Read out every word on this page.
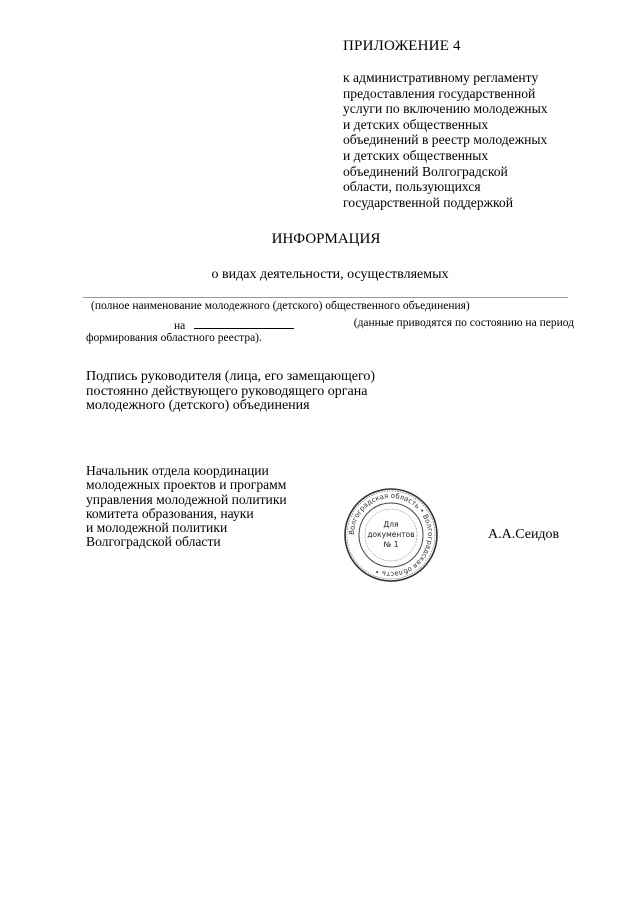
ПРИЛОЖЕНИЕ 4
к административному регламенту
предоставления государственной
услуги по включению молодежных
и детских общественных
объединений в реестр молодежных
и детских общественных
объединений Волгоградской
области, пользующихся
государственной поддержкой
ИНФОРМАЦИЯ
о видах деятельности, осуществляемых
(полное наименование молодежного (детского) общественного объединения)
на	(данные приводятся по состоянию на период
формирования областного реестра).
Подпись руководителя (лица, его замещающего)
постоянно действующего руководящего органа
молодежного (детского) объединения
Начальник отдела координации
молодежных проектов и программ
управления молодежной политики
комитета образования, науки
и молодежной политики
Волгоградской области	А.А.Сеидов
Волгоградская область • Волгоградская область •
Для
документов
№ 1
